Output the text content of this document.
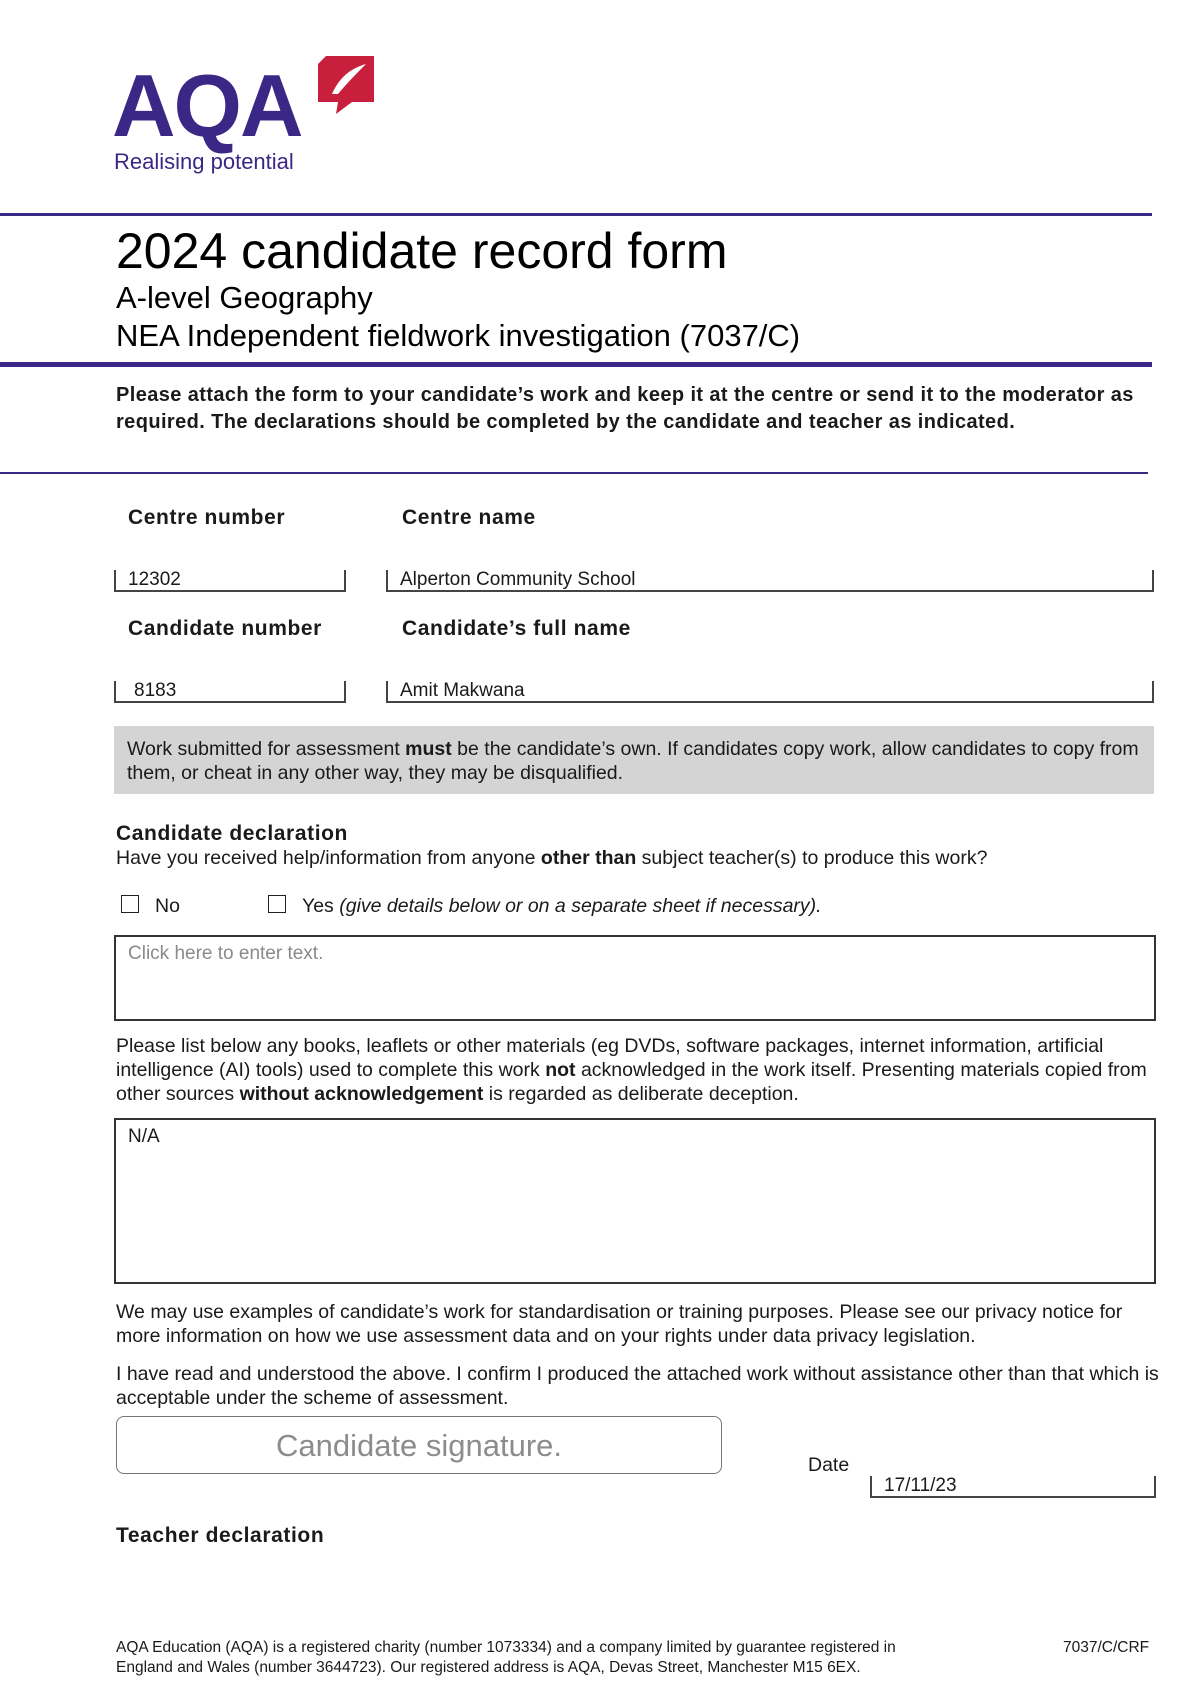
AQA
Realising potential
2024 candidate record form
A-level Geography
NEA Independent fieldwork investigation (7037/C)
Please attach the form to your candidate’s work and keep it at the centre or send it to the moderator as required. The declarations should be completed by the candidate and teacher as indicated.
Centre number	Centre name
12302	Alperton Community School
Candidate number	Candidate’s full name
8183	Amit Makwana
Work submitted for assessment must be the candidate’s own. If candidates copy work, allow candidates to copy from them, or cheat in any other way, they may be disqualified.
Candidate declaration
Have you received help/information from anyone other than subject teacher(s) to produce this work?
No	Yes (give details below or on a separate sheet if necessary).
Click here to enter text.
Please list below any books, leaflets or other materials (eg DVDs, software packages, internet information, artificial intelligence (AI) tools) used to complete this work not acknowledged in the work itself. Presenting materials copied from other sources without acknowledgement is regarded as deliberate deception.
N/A
We may use examples of candidate’s work for standardisation or training purposes. Please see our privacy notice for more information on how we use assessment data and on your rights under data privacy legislation.
I have read and understood the above. I confirm I produced the attached work without assistance other than that which is acceptable under the scheme of assessment.
Candidate signature.
Date
17/11/23
Teacher declaration
AQA Education (AQA) is a registered charity (number 1073334) and a company limited by guarantee registered in
England and Wales (number 3644723). Our registered address is AQA, Devas Street, Manchester M15 6EX.
7037/C/CRF
